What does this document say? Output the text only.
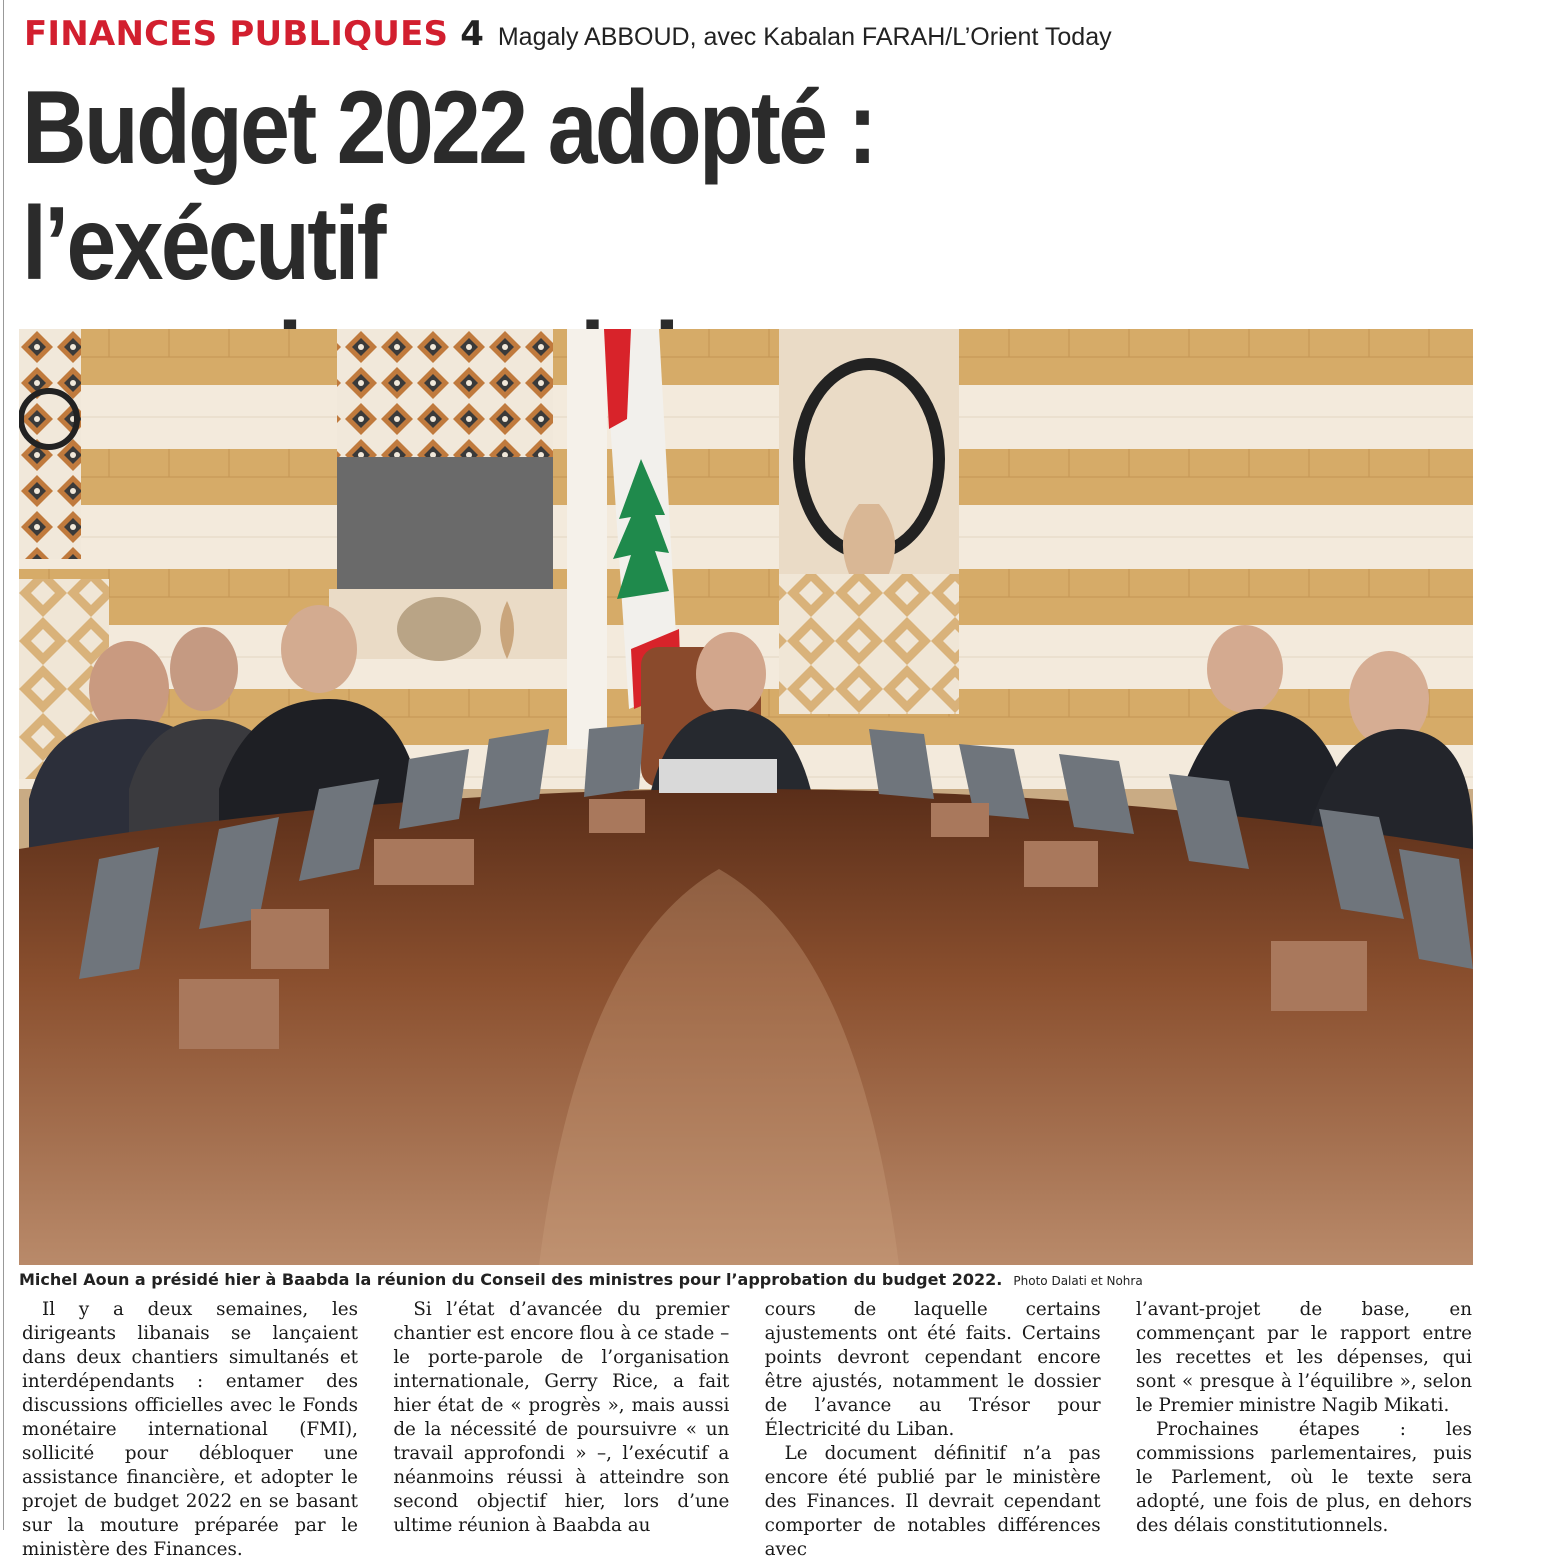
FINANCES PUBLIQUES 4 Magaly ABBOUD, avec Kabalan FARAH/L’Orient Today
Budget 2022 adopté : l’exécutif

Michel Aoun a présidé hier à Baabda la réunion du Conseil des ministres pour l’approbation du budget 2022. Photo Dalati et Nohra

Il y a deux semaines, les dirigeants libanais se lançaient dans deux chantiers simultanés et interdépendants : entamer des discussions officielles avec le Fonds monétaire international (FMI), sollicité pour débloquer une assistance financière, et adopter le projet de budget 2022 en se basant sur la mouture préparée par le ministère des Finances.

Si l’état d’avancée du premier chantier est encore flou à ce stade – le porte-parole de l’organisation internationale, Gerry Rice, a fait hier état de « progrès », mais aussi de la nécessité de poursuivre « un travail approfondi » –, l’exécutif a néanmoins réussi à atteindre son second objectif hier, lors d’une ultime réunion à Baabda au

cours de laquelle certains ajustements ont été faits. Certains points devront cependant encore être ajustés, notamment le dossier de l’avance au Trésor pour Électricité du Liban.

Le document définitif n’a pas encore été publié par le ministère des Finances. Il devrait cependant comporter de notables différences avec

l’avant-projet de base, en commençant par le rapport entre les recettes et les dépenses, qui sont « presque à l’équilibre », selon le Premier ministre Nagib Mikati.

Prochaines étapes : les commissions parlementaires, puis le Parlement, où le texte sera adopté, une fois de plus, en dehors des délais constitutionnels.
